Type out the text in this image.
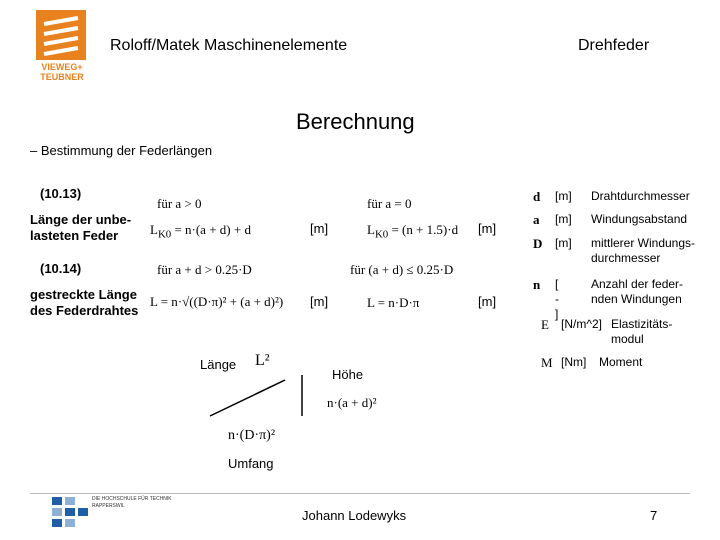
VIEWEG+ TEUBNER
Roloff/Matek Maschinenelemente	Drehfeder
Berechnung
– Bestimmung der Federlängen
(10.13)
Länge der unbe-lasteten Feder
für a > 0
$L_{K0} = n\cdot(a + d) + d$	[m]
für a = 0
$L_{K0} = (n + 1.5)\cdot d$ [m]
(10.14)
gestreckte Länge des Federdrahtes
für a + d > 0.25·D
L = n·√((D·π)² + (a + d)²) [m]
für (a + d) ≤ 0.25·D
L = n·D·π	[m]
Länge L²
Höhe
n·(a + d)²
n·(D·π)²
Umfang
d [m] Drahtdurchmesser
a [m] Windungsabstand
D [m] mittlerer Windungs-durchmesser
n [ - ]
Anzahl der feder-nden Windungen
E [N/m^2] Elastizitäts-modul
M [Nm] Moment
DIE HOCHSCHULE FÜR TECHNIK RAPPERSWIL
Johann Lodewyks	7
